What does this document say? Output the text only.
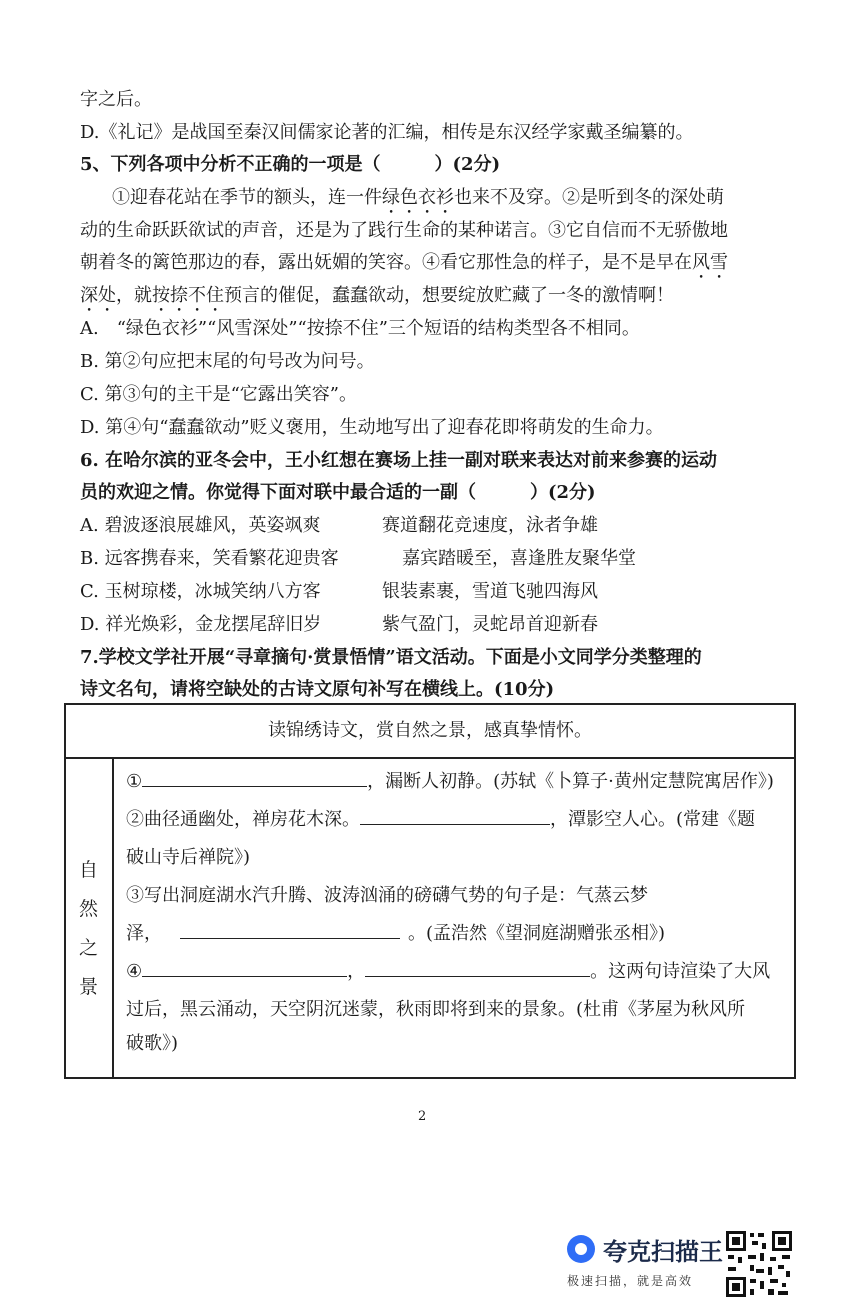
字之后。
D.《礼记》是战国至秦汉间儒家论著的汇编，相传是东汉经学家戴圣编纂的。
5、下列各项中分析不正确的一项是（　　　）(2分)
①迎春花站在季节的额头，连一件绿色衣衫也来不及穿。②是听到冬的深处萌
动的生命跃跃欲试的声音，还是为了践行生命的某种诺言。③它自信而不无骄傲地
朝着冬的篱笆那边的春，露出妩媚的笑容。④看它那性急的样子，是不是早在风雪
深处，就按捺不住预言的催促，蠢蠢欲动，想要绽放贮藏了一冬的激情啊！
A.　“绿色衣衫”“风雪深处”“按捺不住”三个短语的结构类型各不相同。
B. 第②句应把末尾的句号改为问号。
C. 第③句的主干是“它露出笑容”。
D. 第④句“蠢蠢欲动”贬义褒用，生动地写出了迎春花即将萌发的生命力。
6. 在哈尔滨的亚冬会中，王小红想在赛场上挂一副对联来表达对前来参赛的运动
员的欢迎之情。你觉得下面对联中最合适的一副（　　　）(2分)
A. 碧波逐浪展雄风，英姿飒爽	赛道翻花竞速度，泳者争雄
B. 远客携春来，笑看繁花迎贵客	嘉宾踏暖至，喜逢胜友聚华堂
C. 玉树琼楼，冰城笑纳八方客	银装素裹，雪道飞驰四海风
D. 祥光焕彩，金龙摆尾辞旧岁	紫气盈门，灵蛇昂首迎新春
7.学校文学社开展“寻章摘句·赏景悟情”语文活动。下面是小文同学分类整理的
诗文名句，请将空缺处的古诗文原句补写在横线上。(10分)
读锦绣诗文，赏自然之景，感真挚情怀。
自
然
之
景
①	，漏断人初静。(苏轼《卜算子·黄州定慧院寓居作》)
②曲径通幽处，禅房花木深。	，潭影空人心。(常建《题
破山寺后禅院》)
③写出洞庭湖水汽升腾、波涛汹涌的磅礴气势的句子是：气蒸云梦
泽，	。(孟浩然《望洞庭湖赠张丞相》)
④	，	。这两句诗渲染了大风
过后，黑云涌动，天空阴沉迷蒙，秋雨即将到来的景象。(杜甫《茅屋为秋风所
破歌》)
2
夸克扫描王
极速扫描，就是高效
